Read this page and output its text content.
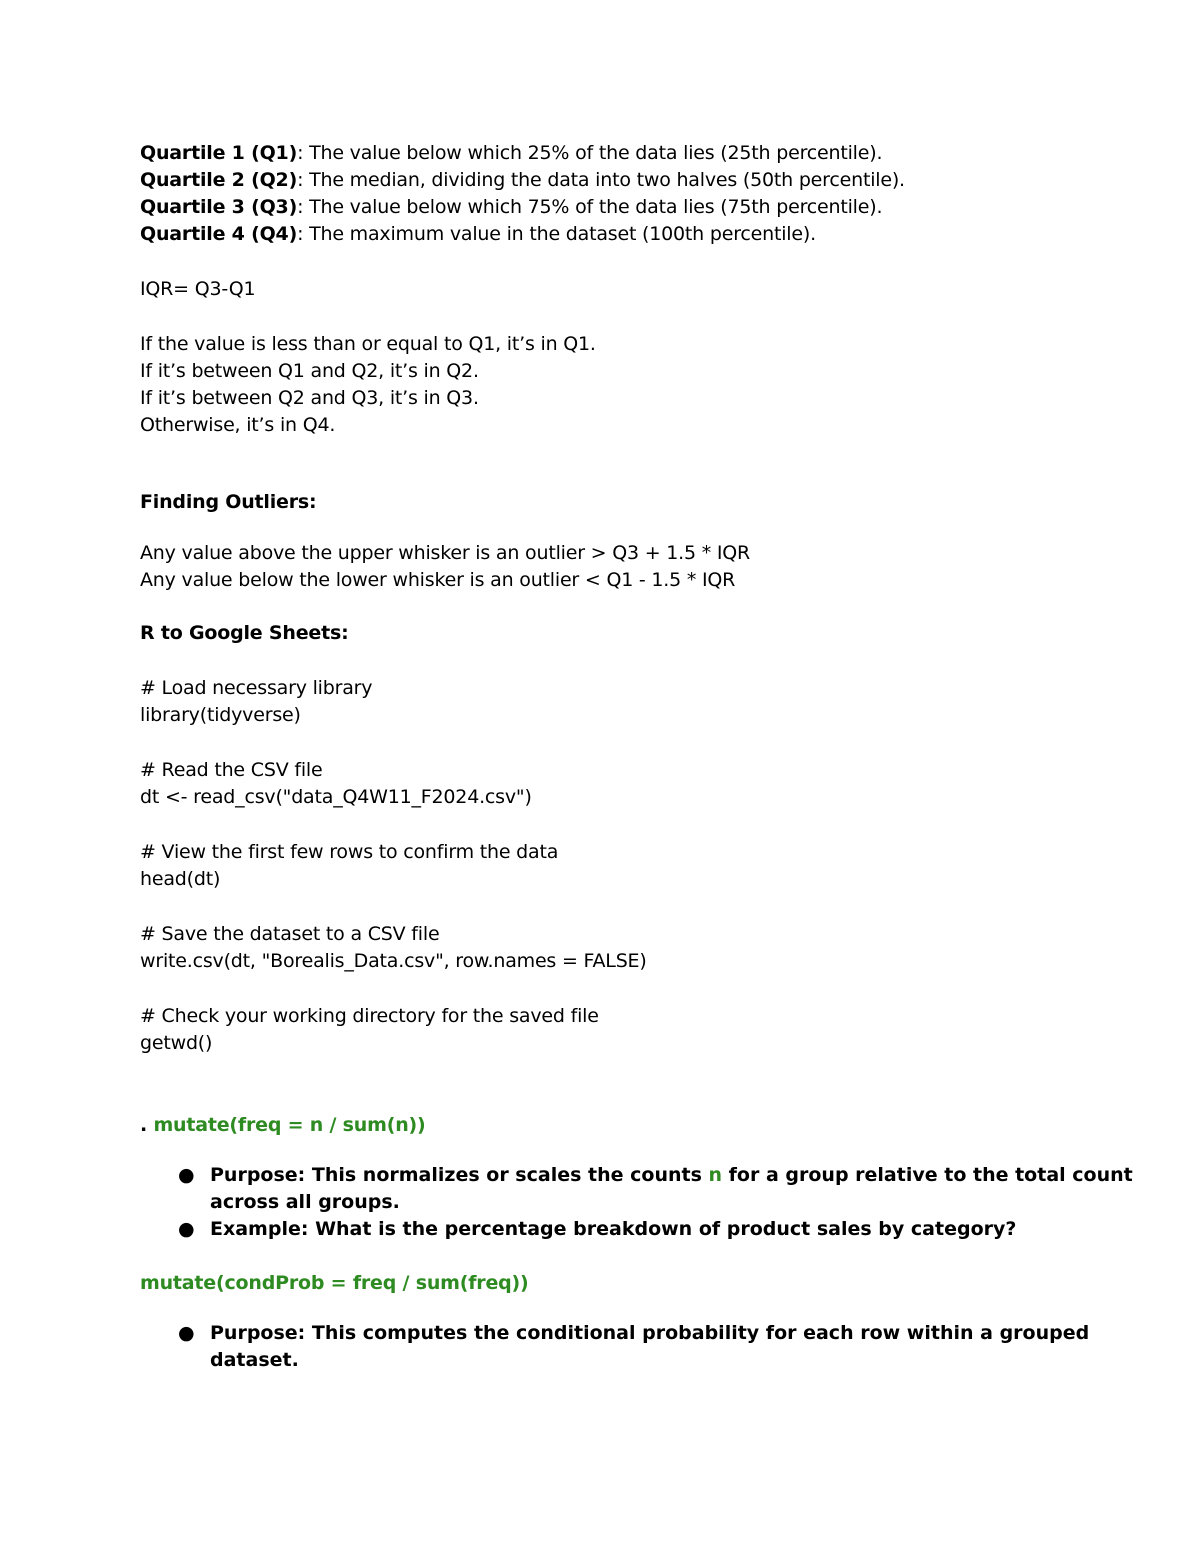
Quartile 1 (Q1): The value below which 25% of the data lies (25th percentile).
Quartile 2 (Q2): The median, dividing the data into two halves (50th percentile).
Quartile 3 (Q3): The value below which 75% of the data lies (75th percentile).
Quartile 4 (Q4): The maximum value in the dataset (100th percentile).
IQR= Q3-Q1
If the value is less than or equal to Q1, it’s in Q1.
If it’s between Q1 and Q2, it’s in Q2.
If it’s between Q2 and Q3, it’s in Q3.
Otherwise, it’s in Q4.
Finding Outliers:
Any value above the upper whisker is an outlier > Q3 + 1.5 * IQR
Any value below the lower whisker is an outlier < Q1 - 1.5 * IQR
R to Google Sheets:
# Load necessary library
library(tidyverse)
# Read the CSV file
dt <- read_csv("data_Q4W11_F2024.csv")
# View the first few rows to confirm the data
head(dt)
# Save the dataset to a CSV file
write.csv(dt, "Borealis_Data.csv", row.names = FALSE)
# Check your working directory for the saved file
getwd()
. mutate(freq = n / sum(n))
● Purpose: This normalizes or scales the counts n for a group relative to the total count
across all groups.
● Example: What is the percentage breakdown of product sales by category?
mutate(condProb = freq / sum(freq))
● Purpose: This computes the conditional probability for each row within a grouped
dataset.
